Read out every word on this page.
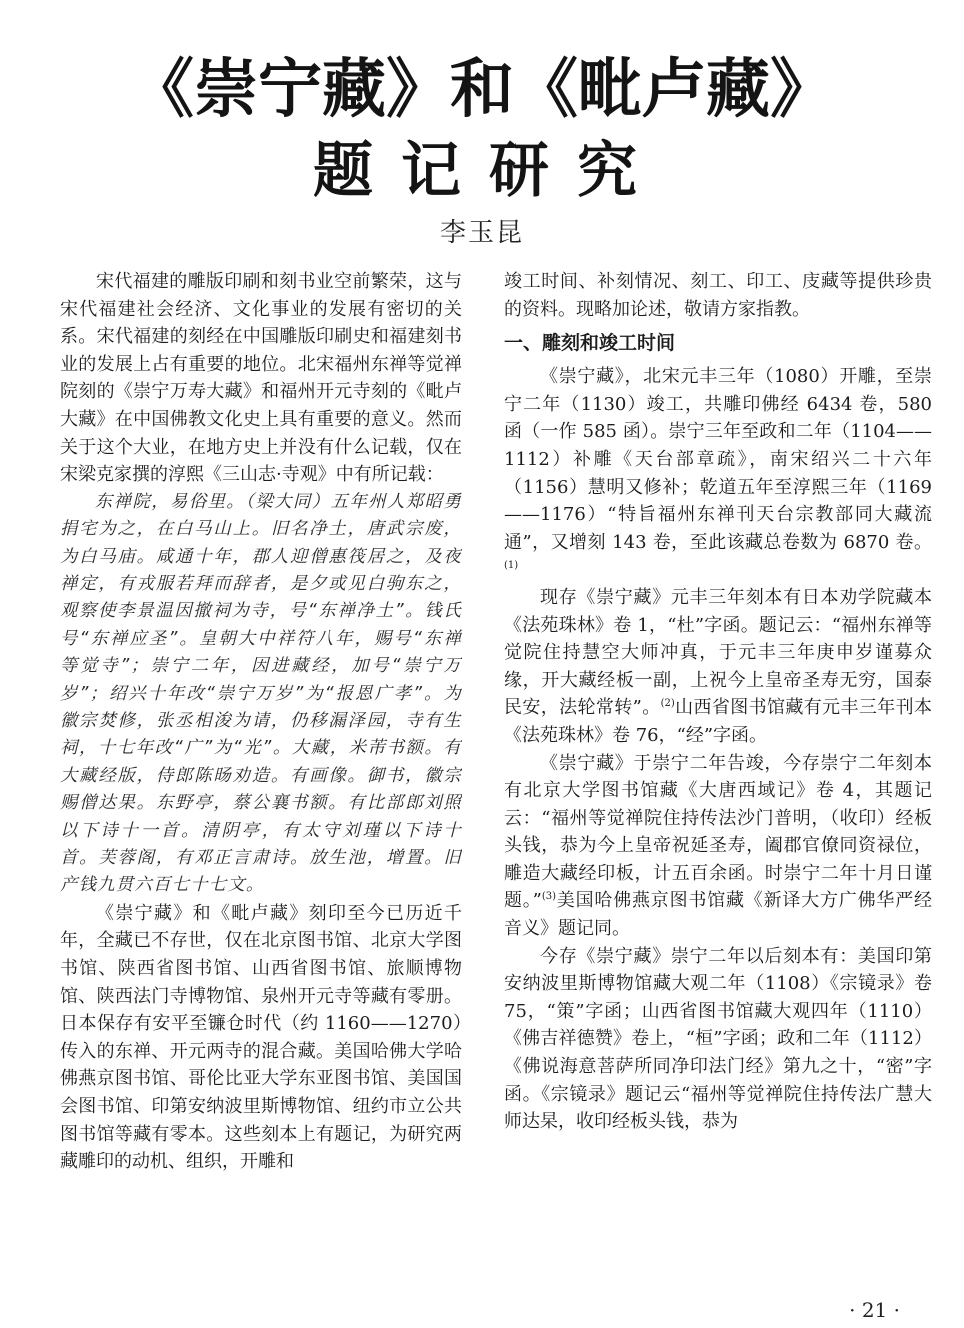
《崇宁藏》和《毗卢藏》
题记研究
李玉昆

宋代福建的雕版印刷和刻书业空前繁荣，这与宋代福建社会经济、文化事业的发展有密切的关系。宋代福建的刻经在中国雕版印刷史和福建刻书业的发展上占有重要的地位。北宋福州东禅等觉禅院刻的《崇宁万寿大藏》和福州开元寺刻的《毗卢大藏》在中国佛教文化史上具有重要的意义。然而关于这个大业，在地方史上并没有什么记载，仅在宋梁克家撰的淳熙《三山志·寺观》中有所记载：

东禅院，易俗里。（梁大同）五年州人郑昭勇捐宅为之，在白马山上。旧名净土，唐武宗废，为白马庙。咸通十年，郡人迎僧惠筏居之，及夜禅定，有戎服若拜而辞者，是夕或见白驹东之，观察使李景温因撤祠为寺，号“东禅净土”。钱氏号“东禅应圣”。皇朝大中祥符八年，赐号“东禅等觉寺”；崇宁二年，因进藏经，加号“崇宁万岁”；绍兴十年改“崇宁万岁”为“报恩广孝”。为徽宗焚修，张丞相浚为请，仍移漏泽园，寺有生祠，十七年改“广”为“光”。大藏，米芾书额。有大藏经版，侍郎陈旸劝造。有画像。御书，徽宗赐僧达果。东野亭，蔡公襄书额。有比部郎刘照以下诗十一首。清阴亭，有太守刘瑾以下诗十首。芙蓉阁，有邓正言肃诗。放生池，增置。旧产钱九贯六百七十七文。

《崇宁藏》和《毗卢藏》刻印至今已历近千年，全藏已不存世，仅在北京图书馆、北京大学图书馆、陕西省图书馆、山西省图书馆、旅顺博物馆、陕西法门寺博物馆、泉州开元寺等藏有零册。日本保存有安平至镰仓时代（约 1160——1270）传入的东禅、开元两寺的混合藏。美国哈佛大学哈佛燕京图书馆、哥伦比亚大学东亚图书馆、美国国会图书馆、印第安纳波里斯博物馆、纽约市立公共图书馆等藏有零本。这些刻本上有题记，为研究两藏雕印的动机、组织，开雕和

竣工时间、补刻情况、刻工、印工、庋藏等提供珍贵的资料。现略加论述，敬请方家指教。

一、雕刻和竣工时间

《崇宁藏》，北宋元丰三年（1080）开雕，至崇宁二年（1130）竣工，共雕印佛经 6434 卷，580 函（一作 585 函）。崇宁三年至政和二年（1104——1112）补雕《天台部章疏》，南宋绍兴二十六年（1156）慧明又修补；乾道五年至淳熙三年（1169——1176）“特旨福州东禅刊天台宗教部同大藏流通”，又增刻 143 卷，至此该藏总卷数为 6870 卷。$^{(1)}$

现存《崇宁藏》元丰三年刻本有日本劝学院藏本《法苑珠林》卷 1，“杜”字函。题记云：“福州东禅等觉院住持慧空大师冲真，于元丰三年庚申岁谨募众缘，开大藏经板一副，上祝今上皇帝圣寿无穷，国泰民安，法轮常转”。$^{(2)}$山西省图书馆藏有元丰三年刊本《法苑珠林》卷 76，“经”字函。

《崇宁藏》于崇宁二年告竣，今存崇宁二年刻本有北京大学图书馆藏《大唐西域记》卷 4，其题记云：“福州等觉禅院住持传法沙门普明，（收印）经板头钱，恭为今上皇帝祝延圣寿，阖郡官僚同资禄位，雕造大藏经印板，计五百余函。时崇宁二年十月日谨题。”$^{(3)}$美国哈佛燕京图书馆藏《新译大方广佛华严经音义》题记同。

今存《崇宁藏》崇宁二年以后刻本有：美国印第安纳波里斯博物馆藏大观二年（1108）《宗镜录》卷 75，“策”字函；山西省图书馆藏大观四年（1110）《佛吉祥德赞》卷上，“桓”字函；政和二年（1112）《佛说海意菩萨所同净印法门经》第九之十，“密”字函。《宗镜录》题记云“福州等觉禅院住持传法广慧大师达杲，收印经板头钱，恭为

· 21 ·
